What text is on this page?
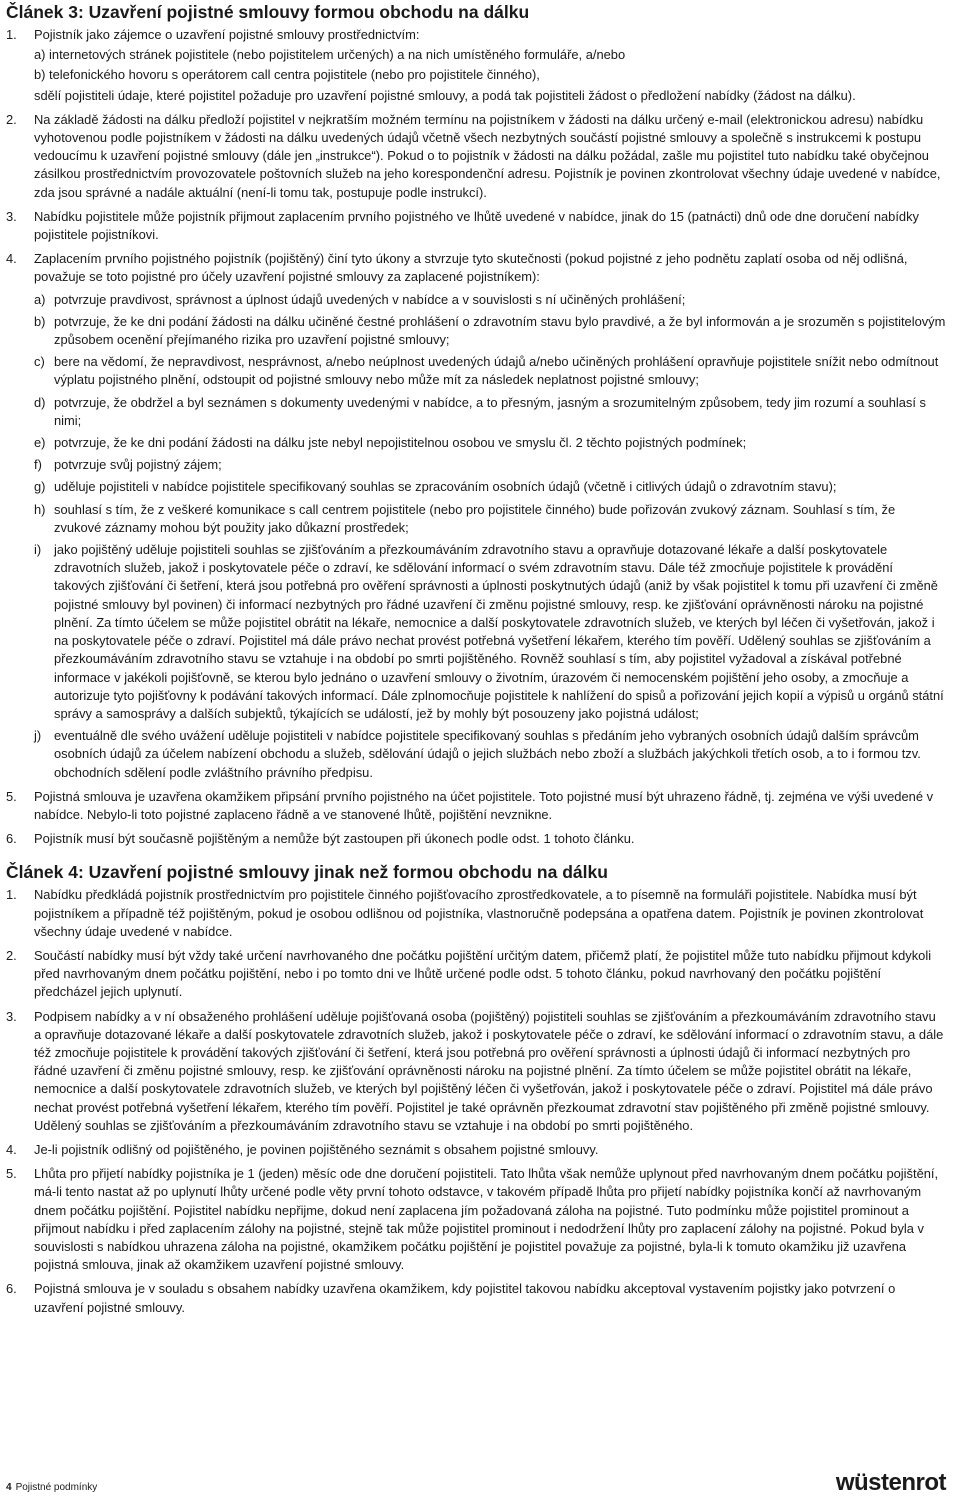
Článek 3: Uzavření pojistné smlouvy formou obchodu na dálku
1. Pojistník jako zájemce o uzavření pojistné smlouvy prostřednictvím:
a) internetových stránek pojistitele (nebo pojistitelem určených) a na nich umístěného formuláře, a/nebo
b) telefonického hovoru s operátorem call centra pojistitele (nebo pro pojistitele činného),
sdělí pojistiteli údaje, které pojistitel požaduje pro uzavření pojistné smlouvy, a podá tak pojistiteli žádost o předložení nabídky (žádost na dálku).
2. Na základě žádosti na dálku předloží pojistitel v nejkratším možném termínu na pojistníkem v žádosti na dálku určený e-mail (elektronickou adresu) nabídku vyhotovenou podle pojistníkem v žádosti na dálku uvedených údajů včetně všech nezbytných součástí pojistné smlouvy a společně s instrukcemi k postupu vedoucímu k uzavření pojistné smlouvy (dále jen „instrukce“). Pokud o to pojistník v žádosti na dálku požádal, zašle mu pojistitel tuto nabídku také obyčejnou zásilkou prostřednictvím provozovatele poštovních služeb na jeho korespondenční adresu. Pojistník je povinen zkontrolovat všechny údaje uvedené v nabídce, zda jsou správné a nadále aktuální (není-li tomu tak, postupuje podle instrukcí).
3. Nabídku pojistitele může pojistník přijmout zaplacením prvního pojistného ve lhůtě uvedené v nabídce, jinak do 15 (patnácti) dnů ode dne doručení nabídky pojistitele pojistníkovi.
4. Zaplacením prvního pojistného pojistník (pojištěný) činí tyto úkony a stvrzuje tyto skutečnosti (pokud pojistné z jeho podnětu zaplatí osoba od něj odlišná, považuje se toto pojistné pro účely uzavření pojistné smlouvy za zaplacené pojistníkem):
a) potvrzuje pravdivost, správnost a úplnost údajů uvedených v nabídce a v souvislosti s ní učiněných prohlášení;
b) potvrzuje, že ke dni podání žádosti na dálku učiněné čestné prohlášení o zdravotním stavu bylo pravdivé, a že byl informován a je srozuměn s pojistitelovým způsobem ocenění přejímaného rizika pro uzavření pojistné smlouvy;
c) bere na vědomí, že nepravdivost, nesprávnost, a/nebo neúplnost uvedených údajů a/nebo učiněných prohlášení opravňuje pojistitele snížit nebo odmítnout výplatu pojistného plnění, odstoupit od pojistné smlouvy nebo může mít za následek neplatnost pojistné smlouvy;
d) potvrzuje, že obdržel a byl seznámen s dokumenty uvedenými v nabídce, a to přesným, jasným a srozumitelným způsobem, tedy jim rozumí a souhlasí s nimi;
e) potvrzuje, že ke dni podání žádosti na dálku jste nebyl nepojistitelnou osobou ve smyslu čl. 2 těchto pojistných podmínek;
f) potvrzuje svůj pojistný zájem;
g) uděluje pojistiteli v nabídce pojistitele specifikovaný souhlas se zpracováním osobních údajů (včetně i citlivých údajů o zdravotním stavu);
h) souhlasí s tím, že z veškeré komunikace s call centrem pojistitele (nebo pro pojistitele činného) bude pořizován zvukový záznam. Souhlasí s tím, že zvukové záznamy mohou být použity jako důkazní prostředek;
i) jako pojištěný uděluje pojistiteli souhlas se zjišťováním a přezkoumáváním zdravotního stavu a opravňuje dotazované lékaře a další poskytovatele zdravotních služeb, jakož i poskytovatele péče o zdraví, ke sdělování informací o svém zdravotním stavu. Dále též zmocňuje pojistitele k provádění takových zjišťování či šetření, která jsou potřebná pro ověření správnosti a úplnosti poskytnutých údajů (aniž by však pojistitel k tomu při uzavření či změně pojistné smlouvy byl povinen) či informací nezbytných pro řádné uzavření či změnu pojistné smlouvy, resp. ke zjišťování oprávněnosti nároku na pojistné plnění. Za tímto účelem se může pojistitel obrátit na lékaře, nemocnice a další poskytovatele zdravotních služeb, ve kterých byl léčen či vyšetřován, jakož i na poskytovatele péče o zdraví. Pojistitel má dále právo nechat provést potřebná vyšetření lékařem, kterého tím pověří. Udělený souhlas se zjišťováním a přezkoumáváním zdravotního stavu se vztahuje i na období po smrti pojištěného. Rovněž souhlasí s tím, aby pojistitel vyžadoval a získával potřebné informace v jakékoli pojišťovně, se kterou bylo jednáno o uzavření smlouvy o životním, úrazovém či nemocenském pojištění jeho osoby, a zmocňuje a autorizuje tyto pojišťovny k podávání takových informací. Dále zplnomocňuje pojistitele k nahlížení do spisů a pořizování jejich kopií a výpisů u orgánů státní správy a samosprávy a dalších subjektů, týkajících se událostí, jež by mohly být posouzeny jako pojistná událost;
j) eventuálně dle svého uvážení uděluje pojistiteli v nabídce pojistitele specifikovaný souhlas s předáním jeho vybraných osobních údajů dalším správcům osobních údajů za účelem nabízení obchodu a služeb, sdělování údajů o jejich službách nebo zboží a službách jakýchkoli třetích osob, a to i formou tzv. obchodních sdělení podle zvláštního právního předpisu.
5. Pojistná smlouva je uzavřena okamžikem připsání prvního pojistného na účet pojistitele. Toto pojistné musí být uhrazeno řádně, tj. zejména ve výši uvedené v nabídce. Nebylo-li toto pojistné zaplaceno řádně a ve stanovené lhůtě, pojištění nevznikne.
6. Pojistník musí být současně pojištěným a nemůže být zastoupen při úkonech podle odst. 1 tohoto článku.
Článek 4: Uzavření pojistné smlouvy jinak než formou obchodu na dálku
1. Nabídku předkládá pojistník prostřednictvím pro pojistitele činného pojišťovacího zprostředkovatele, a to písemně na formuláři pojistitele. Nabídka musí být pojistníkem a případně též pojištěným, pokud je osobou odlišnou od pojistníka, vlastnoručně podepsána a opatřena datem. Pojistník je povinen zkontrolovat všechny údaje uvedené v nabídce.
2. Součástí nabídky musí být vždy také určení navrhovaného dne počátku pojištění určitým datem, přičemž platí, že pojistitel může tuto nabídku přijmout kdykoli před navrhovaným dnem počátku pojištění, nebo i po tomto dni ve lhůtě určené podle odst. 5 tohoto článku, pokud navrhovaný den počátku pojištění předcházel jejich uplynutí.
3. Podpisem nabídky a v ní obsaženého prohlášení uděluje pojišťovaná osoba (pojištěný) pojistiteli souhlas se zjišťováním a přezkoumáváním zdravotního stavu a opravňuje dotazované lékaře a další poskytovatele zdravotních služeb, jakož i poskytovatele péče o zdraví, ke sdělování informací o zdravotním stavu, a dále též zmocňuje pojistitele k provádění takových zjišťování či šetření, která jsou potřebná pro ověření správnosti a úplnosti údajů či informací nezbytných pro řádné uzavření či změnu pojistné smlouvy, resp. ke zjišťování oprávněnosti nároku na pojistné plnění. Za tímto účelem se může pojistitel obrátit na lékaře, nemocnice a další poskytovatele zdravotních služeb, ve kterých byl pojištěný léčen či vyšetřován, jakož i poskytovatele péče o zdraví. Pojistitel má dále právo nechat provést potřebná vyšetření lékařem, kterého tím pověří. Pojistitel je také oprávněn přezkoumat zdravotní stav pojištěného při změně pojistné smlouvy. Udělený souhlas se zjišťováním a přezkoumáváním zdravotního stavu se vztahuje i na období po smrti pojištěného.
4. Je-li pojistník odlišný od pojištěného, je povinen pojištěného seznámit s obsahem pojistné smlouvy.
5. Lhůta pro přijetí nabídky pojistníka je 1 (jeden) měsíc ode dne doručení pojistiteli. Tato lhůta však nemůže uplynout před navrhovaným dnem počátku pojištění, má-li tento nastat až po uplynutí lhůty určené podle věty první tohoto odstavce, v takovém případě lhůta pro přijetí nabídky pojistníka končí až navrhovaným dnem počátku pojištění. Pojistitel nabídku nepřijme, dokud není zaplacena jím požadovaná záloha na pojistné. Tuto podmínku může pojistitel prominout a přijmout nabídku i před zaplacením zálohy na pojistné, stejně tak může pojistitel prominout i nedodržení lhůty pro zaplacení zálohy na pojistné. Pokud byla v souvislosti s nabídkou uhrazena záloha na pojistné, okamžikem počátku pojištění je pojistitel považuje za pojistné, byla-li k tomuto okamžiku již uzavřena pojistná smlouva, jinak až okamžikem uzavření pojistné smlouvy.
6. Pojistná smlouva je v souladu s obsahem nabídky uzavřena okamžikem, kdy pojistitel takovou nabídku akceptoval vystavením pojistky jako potvrzení o uzavření pojistné smlouvy.
4 Pojistné podmínky	wüstenrot
